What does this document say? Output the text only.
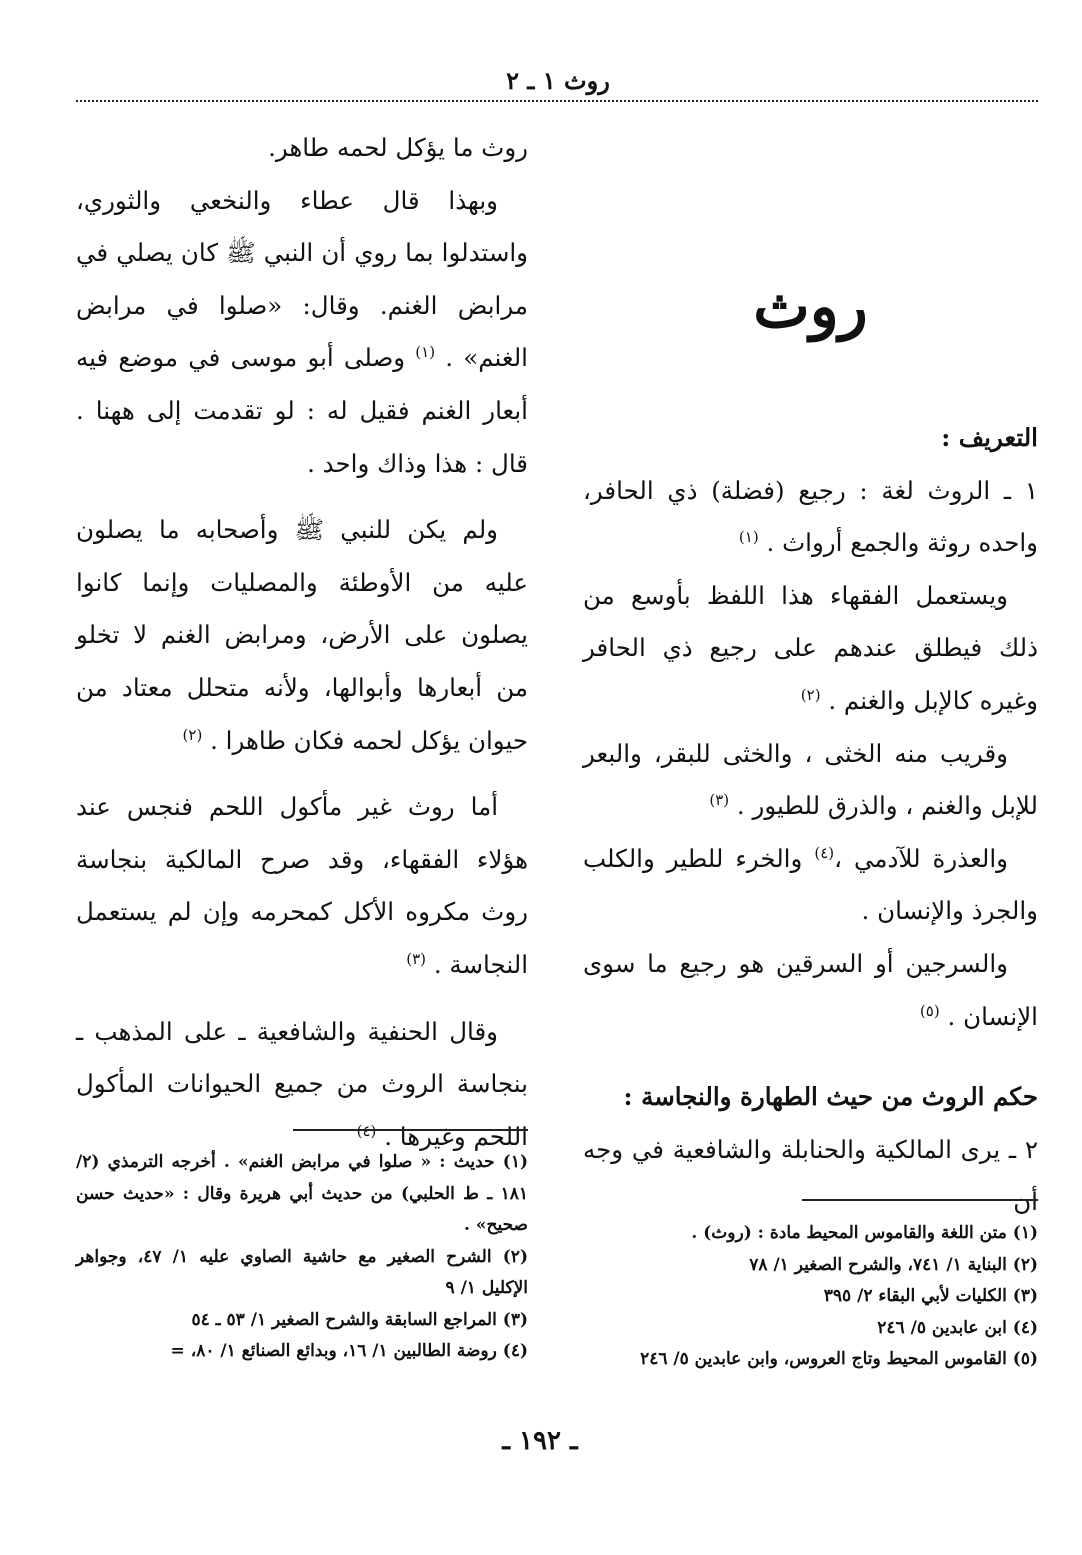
روث ١ ـ ٢
روث
التعريف :

١ ـ الروث لغة : رجيع (فضلة) ذي الحافر، واحده روثة والجمع أرواث . $^{(١)}$

ويستعمل الفقهاء هذا اللفظ بأوسع من ذلك فيطلق عندهم على رجيع ذي الحافر وغيره كالإبل والغنم . $^{(٢)}$

وقريب منه الخثى ، والخثى للبقر، والبعر للإبل والغنم ، والذرق للطيور . $^{(٣)}$

والعذرة للآدمي ،$^{(٤)}$ والخرء للطير والكلب والجرذ والإنسان .

والسرجين أو السرقين هو رجيع ما سوى الإنسان . $^{(٥)}$

حكم الروث من حيث الطهارة والنجاسة :

٢ ـ يرى المالكية والحنابلة والشافعية في وجه أن

روث ما يؤكل لحمه طاهر.

وبهذا قال عطاء والنخعي والثوري، واستدلوا بما روي أن النبي ﷺ كان يصلي في مرابض الغنم. وقال: «صلوا في مرابض الغنم» . $^{(١)}$ وصلى أبو موسى في موضع فيه أبعار الغنم فقيل له : لو تقدمت إلى ههنا . قال : هذا وذاك واحد .

ولم يكن للنبي ﷺ وأصحابه ما يصلون عليه من الأوطئة والمصليات وإنما كانوا يصلون على الأرض، ومرابض الغنم لا تخلو من أبعارها وأبوالها، ولأنه متحلل معتاد من حيوان يؤكل لحمه فكان طاهرا . $^{(٢)}$

أما روث غير مأكول اللحم فنجس عند هؤلاء الفقهاء، وقد صرح المالكية بنجاسة روث مكروه الأكل كمحرمه وإن لم يستعمل النجاسة . $^{(٣)}$

وقال الحنفية والشافعية ـ على المذهب ـ بنجاسة الروث من جميع الحيوانات المأكول اللحم وغيرها . $^{(٤)}$

(١) حديث : « صلوا في مرابض الغنم» . أخرجه الترمذي (٢/ ١٨١ ـ ط الحلبي) من حديث أبي هريرة وقال : «حديث حسن صحيح» .
(٢) الشرح الصغير مع حاشية الصاوي عليه ١/ ٤٧، وجواهر الإكليل ١/ ٩
(٣) المراجع السابقة والشرح الصغير ١/ ٥٣ ـ ٥٤
(٤) روضة الطالبين ١/ ١٦، وبدائع الصنائع ١/ ٨٠، =
(١) متن اللغة والقاموس المحيط مادة : (روث) .
(٢) البناية ١/ ٧٤١، والشرح الصغير ١/ ٧٨
(٣) الكليات لأبي البقاء ٢/ ٣٩٥
(٤) ابن عابدين ٥/ ٢٤٦
(٥) القاموس المحيط وتاج العروس، وابن عابدين ٥/ ٢٤٦
ـ ١٩٢ ـ
